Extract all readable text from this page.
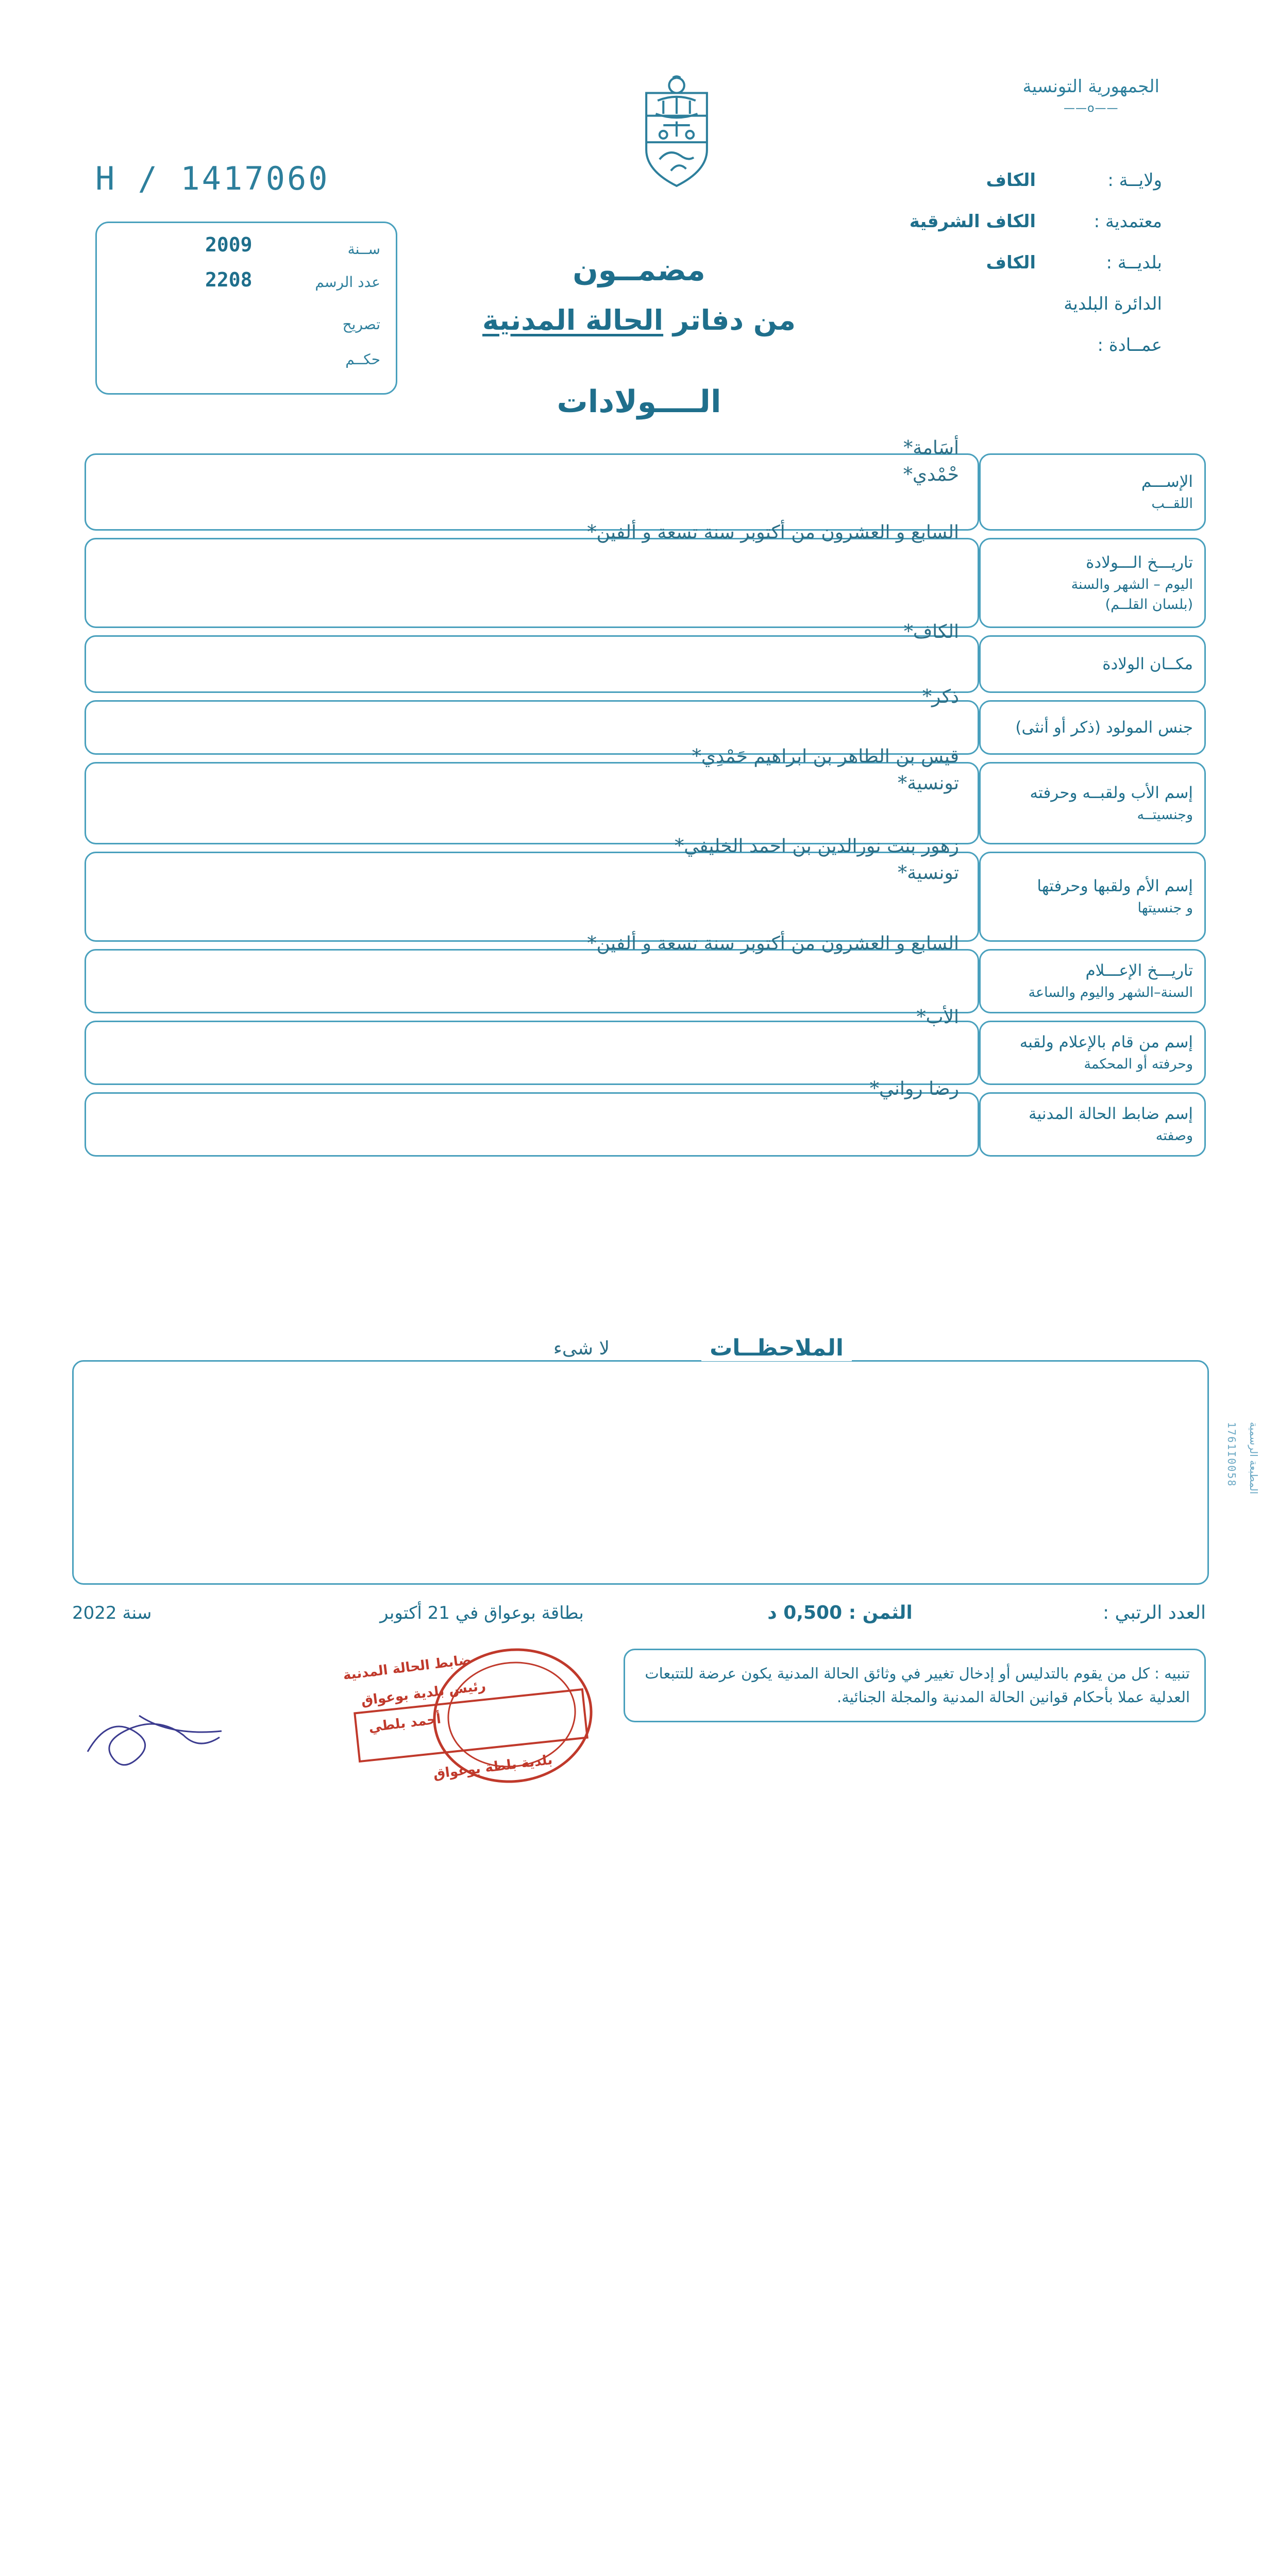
الجمهورية التونسية
——o——
H / 1417060
ســنة
2009
عدد الرسم
2208
تصريح
حكــم
مضمــون
من دفاتر الحالة المدنية
الــــولادات
ولايــة :
الكاف
معتمدية :
الكاف الشرقية
بلديــة :
الكاف
الدائرة البلدية
عمــادة :
الإســـم
اللقــب
أسَامة*
حْمْدي*
تاريـــخ الـــولادة
اليوم – الشهر والسنة
(بلسان القلــم)
السابع و العشرون من أكتوبر سنة تسعة و ألفين*
مكــان الولادة
الكاف*
جنس المولود (ذكر أو أنثى)
ذكر*
إسم الأب ولقبــه وحرفته
وجنسيتــه
قيس بن الطاهر بن ابراهيم حَمْدِي*
تونسية*
إسم الأم ولقبها وحرفتها
و جنسيتها
زهور بنت نورالدين بن احمد الخليفي*
تونسية*
تاريـــخ الإعـــلام
السنة–الشهر واليوم والساعة
السابع و العشرون من أكتوبر سنة تسعة و ألفين*
إسم من قام بالإعلام ولقبه
وحرفته أو المحكمة
الأب*
إسم ضابط الحالة المدنية
وصفته
رضا رواني*
الملاحظــات
لا شىء
العدد الرتبي :
الثمن : 0,500 د
بطاقة بوعواق في 21 أكتوبر
سنة 2022
تنبيه : كل من يقوم بالتدليس أو إدخال تغيير في وثائق الحالة المدنية يكون عرضة للتتبعات العدلية عملا بأحكام قوانين الحالة المدنية والمجلة الجنائية.
ضابط الحالة المدنية
رئيس بلدية بوعواق
أحمد بلطي
بلدية بلطة بوعواق
المطبعة الرسمية
1761I0058
